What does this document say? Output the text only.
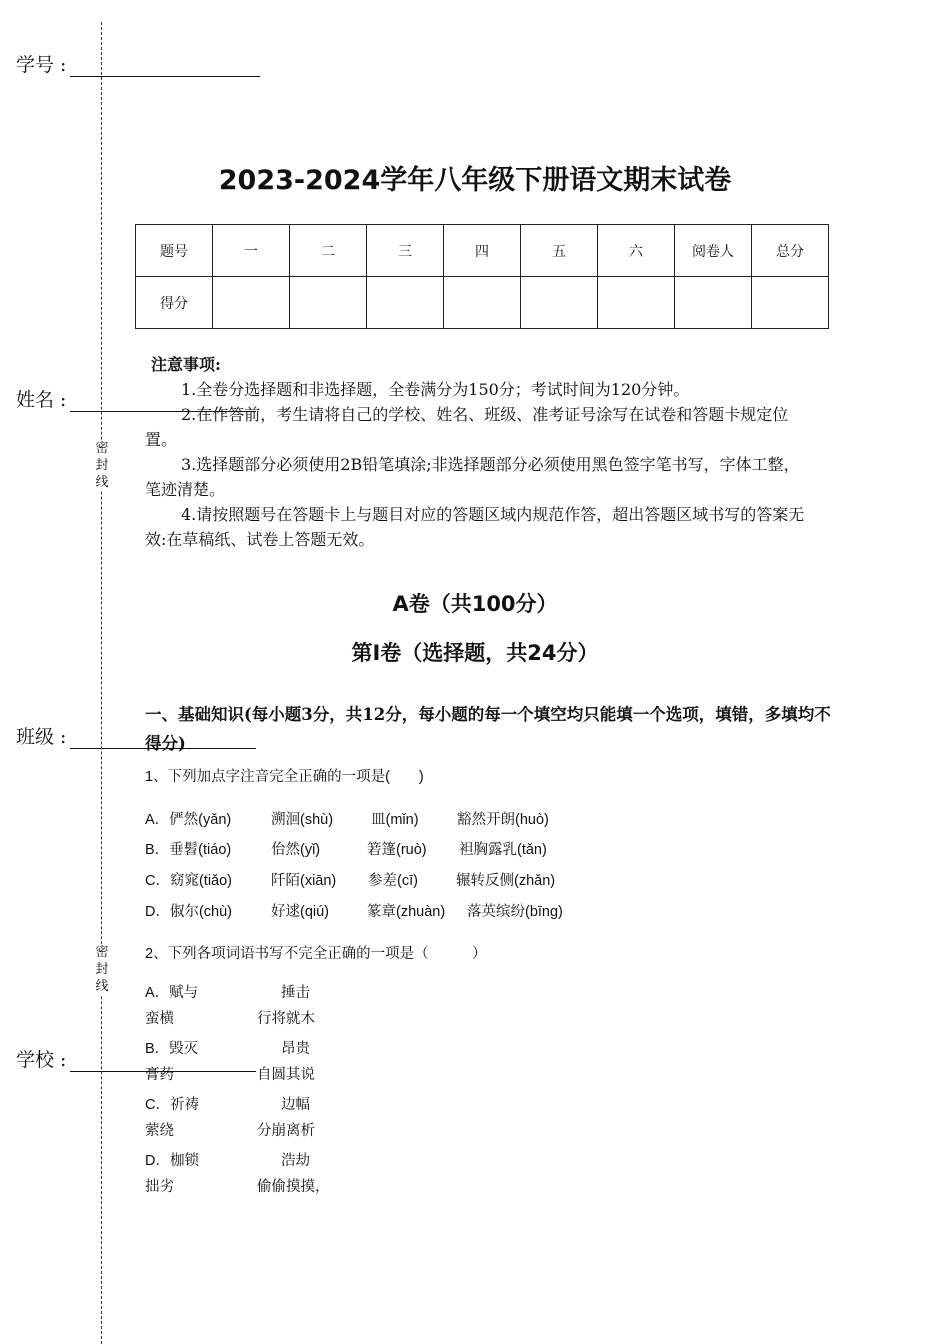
学号 :
姓名 :
班级 :
学校 :
密
封
线
密
封
线
2023-2024学年八年级下册语文期末试卷
题号	一	二	三	四	五	六	阅卷人	总分
得分								
注意事项:

1.全卷分选择题和非选择题，全卷满分为150分；考试时间为120分钟。

2.在作答前，考生请将自己的学校、姓名、班级、准考证号涂写在试卷和答题卡规定位置。

3.选择题部分必须使用2B铅笔填涂;非选择题部分必须使用黑色签字笔书写，字体工整，笔迹清楚。

4.请按照题号在答题卡上与题目对应的答题区域内规范作答，超出答题区域书写的答案无效:在草稿纸、试卷上答题无效。

A卷（共100分）
第Ⅰ卷（选择题，共24分）
一、基础知识(每小题3分，共12分，每小题的每一个填空均只能填一个选项，填错，多填均不得分)
1、下列加点字注音完全正确的一项是(　　)
A．俨然(yǎn)	溯洄(shù)	皿(mǐn)	豁然开朗(huò)
B．垂髫(tiáo)	佁然(yǐ)	箬篷(ruò) 袒胸露乳(tǎn)
C．窈窕(tiǎo)	阡陌(xiān) 参差(cī)	辗转反侧(zhǎn)
D．俶尔(chù)	好逑(qiú)	篆章(zhuàn) 落英缤纷(bīng)
2、下列各项词语书写不完全正确的一项是（　　　）
A．赋与	捶击
蛮横	行将就木
B．毁灭	昂贵
膏药	自圆其说
C．祈祷	边幅
萦绕	分崩离析
D．枷锁	浩劫
拙劣	偷偷摸摸，
